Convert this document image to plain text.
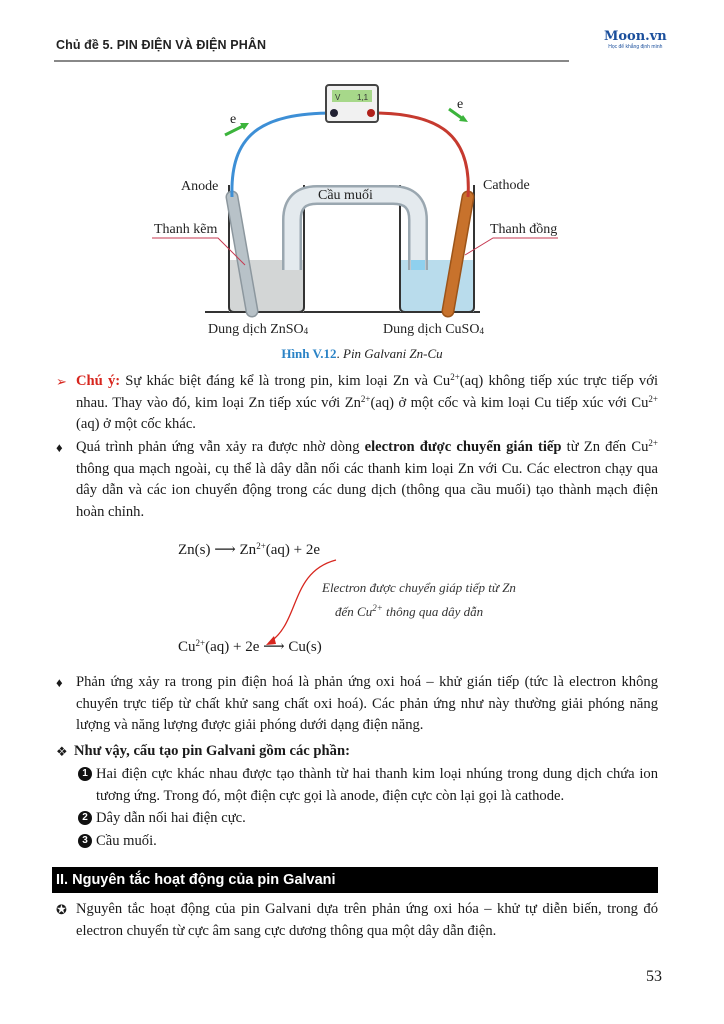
Chủ đề 5. PIN ĐIỆN VÀ ĐIỆN PHÂN
Moon.vn
Học để khẳng định mình
V 1,1
e
e
Anode	Cathode
Cầu muối
Thanh kẽm	Thanh đồng
Dung dịch ZnSO4	Dung dịch CuSO4
Hình V.12. Pin Galvani Zn-Cu
➢ Chú ý: Sự khác biệt đáng kể là trong pin, kim loại Zn và $Cu^{2+}(aq)$ không tiếp xúc trực tiếp với nhau. Thay vào đó, kim loại Zn tiếp xúc với $Zn^{2+}(aq)$ ở một cốc và kim loại Cu tiếp xúc với $Cu^{2+}(aq)$ ở một cốc khác.
♦ Quá trình phản ứng vẫn xảy ra được nhờ dòng electron được chuyển gián tiếp từ Zn đến $Cu^{2+}$ thông qua mạch ngoài, cụ thể là dây dẫn nối các thanh kim loại Zn với Cu. Các electron chạy qua dây dẫn và các ion chuyển động trong các dung dịch (thông qua cầu muối) tạo thành mạch điện hoàn chỉnh.
Zn(s) ⟶ $Zn^{2+}(aq) + 2e$
Electron được chuyển giáp tiếp từ Zn
đến $Cu^{2+}$ thông qua dây dẫn
$Cu^{2+}(aq) + 2e$ ⟶ Cu(s)
♦ Phản ứng xảy ra trong pin điện hoá là phản ứng oxi hoá – khử gián tiếp (tức là electron không chuyển trực tiếp từ chất khử sang chất oxi hoá). Các phản ứng như này thường giải phóng năng lượng và năng lượng được giải phóng dưới dạng điện năng.
❖ Như vậy, cấu tạo pin Galvani gồm các phần:
1 Hai điện cực khác nhau được tạo thành từ hai thanh kim loại nhúng trong dung dịch chứa ion tương ứng. Trong đó, một điện cực gọi là anode, điện cực còn lại gọi là cathode.
2 Dây dẫn nối hai điện cực.
3 Cầu muối.
II. Nguyên tắc hoạt động của pin Galvani
✪ Nguyên tắc hoạt động của pin Galvani dựa trên phản ứng oxi hóa – khử tự diễn biến, trong đó electron chuyển từ cực âm sang cực dương thông qua một dây dẫn điện.
53
